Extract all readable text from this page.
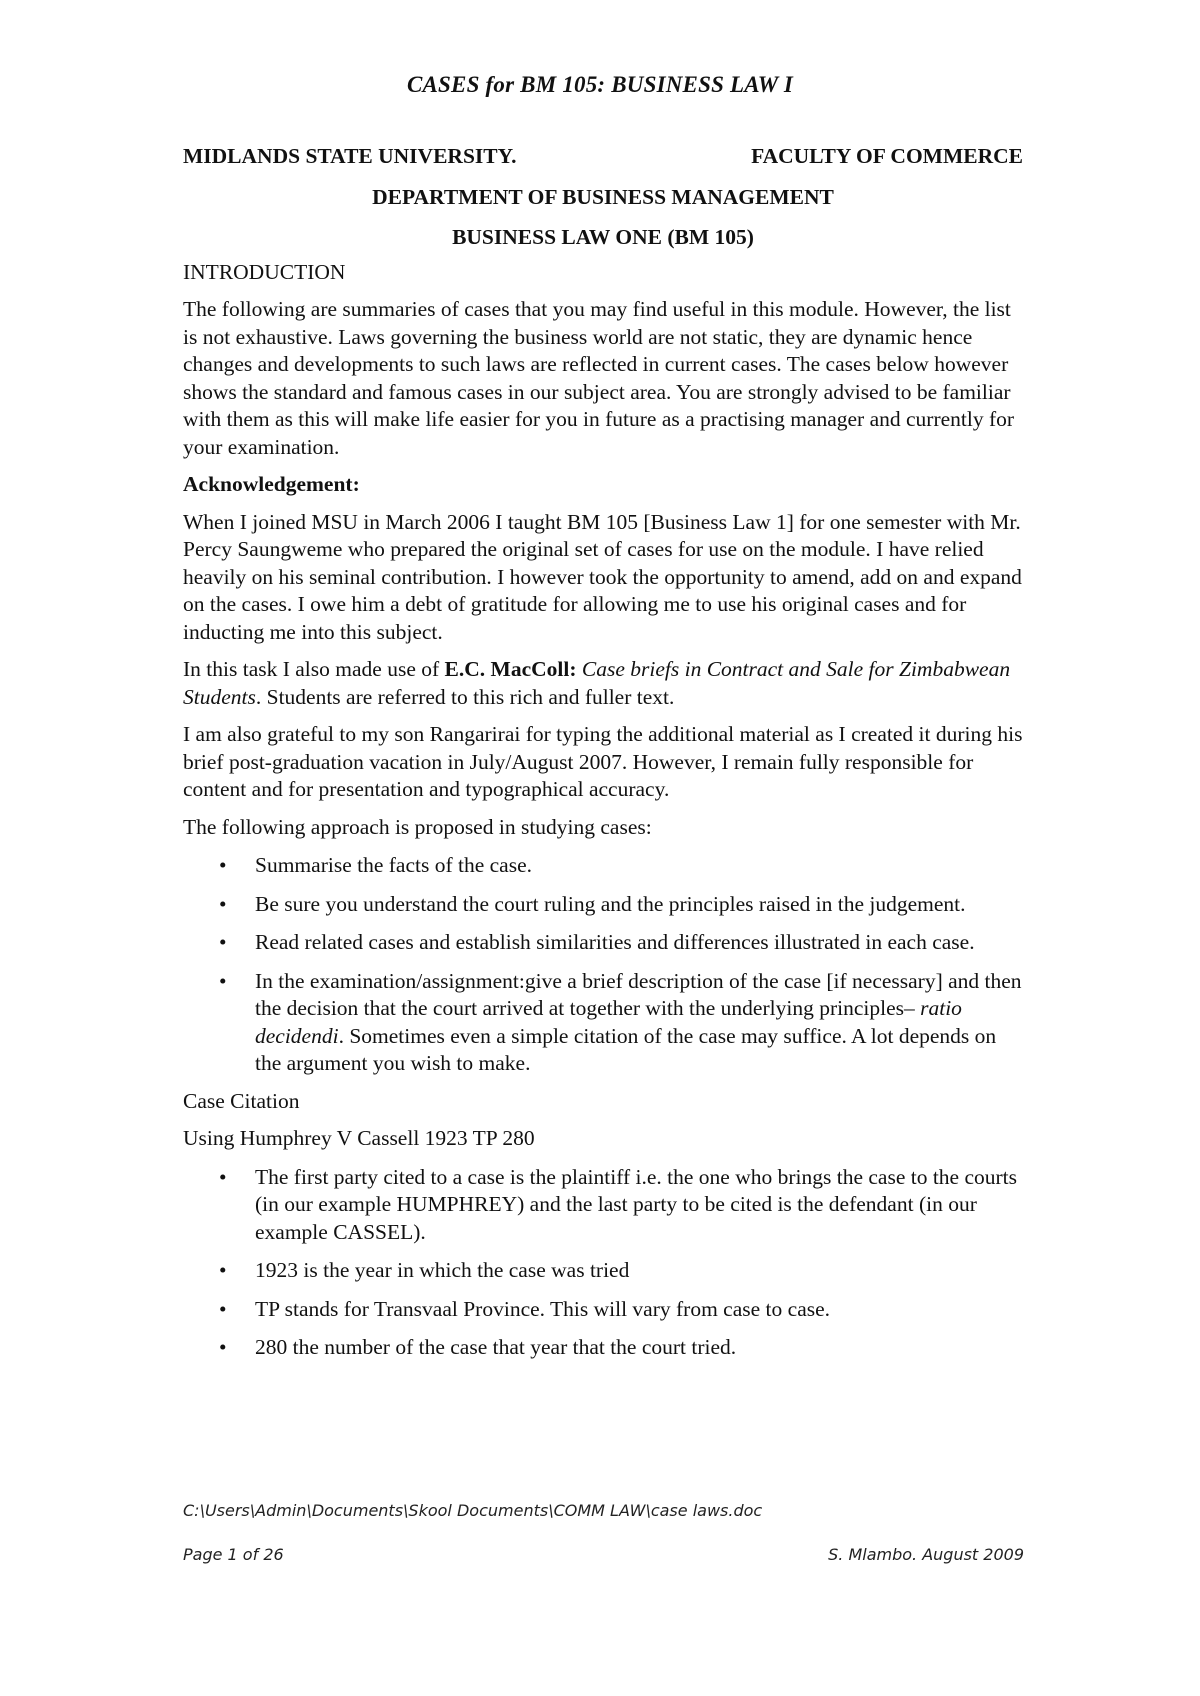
CASES for BM 105: BUSINESS LAW I
MIDLANDS STATE UNIVERSITY.	FACULTY OF COMMERCE

DEPARTMENT OF BUSINESS MANAGEMENT

BUSINESS LAW ONE (BM 105)

INTRODUCTION

The following are summaries of cases that you may find useful in this module. However, the list is not exhaustive. Laws governing the business world are not static, they are dynamic hence changes and developments to such laws are reflected in current cases. The cases below however shows the standard and famous cases in our subject area. You are strongly advised to be familiar with them as this will make life easier for you in future as a practising manager and currently for your examination.

Acknowledgement:

When I joined MSU in March 2006 I taught BM 105 [Business Law 1] for one semester with Mr. Percy Saungweme who prepared the original set of cases for use on the module. I have relied heavily on his seminal contribution. I however took the opportunity to amend, add on and expand on the cases. I owe him a debt of gratitude for allowing me to use his original cases and for inducting me into this subject.

In this task I also made use of E.C. MacColl: Case briefs in Contract and Sale for Zimbabwean Students. Students are referred to this rich and fuller text.

I am also grateful to my son Rangarirai for typing the additional material as I created it during his brief post-graduation vacation in July/August 2007. However, I remain fully responsible for content and for presentation and typographical accuracy.

The following approach is proposed in studying cases:

• Summarise the facts of the case.
• Be sure you understand the court ruling and the principles raised in the judgement.
• Read related cases and establish similarities and differences illustrated in each case.
• In the examination/assignment:give a brief description of the case [if necessary] and then the decision that the court arrived at together with the underlying principles– ratio decidendi. Sometimes even a simple citation of the case may suffice. A lot depends on the argument you wish to make.

Case Citation

Using Humphrey V Cassell 1923 TP 280

• The first party cited to a case is the plaintiff i.e. the one who brings the case to the courts (in our example HUMPHREY) and the last party to be cited is the defendant (in our example CASSEL).
• 1923 is the year in which the case was tried
• TP stands for Transvaal Province. This will vary from case to case.
• 280 the number of the case that year that the court tried.
C:\Users\Admin\Documents\Skool Documents\COMM LAW\case laws.doc
Page 1 of 26	S. Mlambo. August 2009
